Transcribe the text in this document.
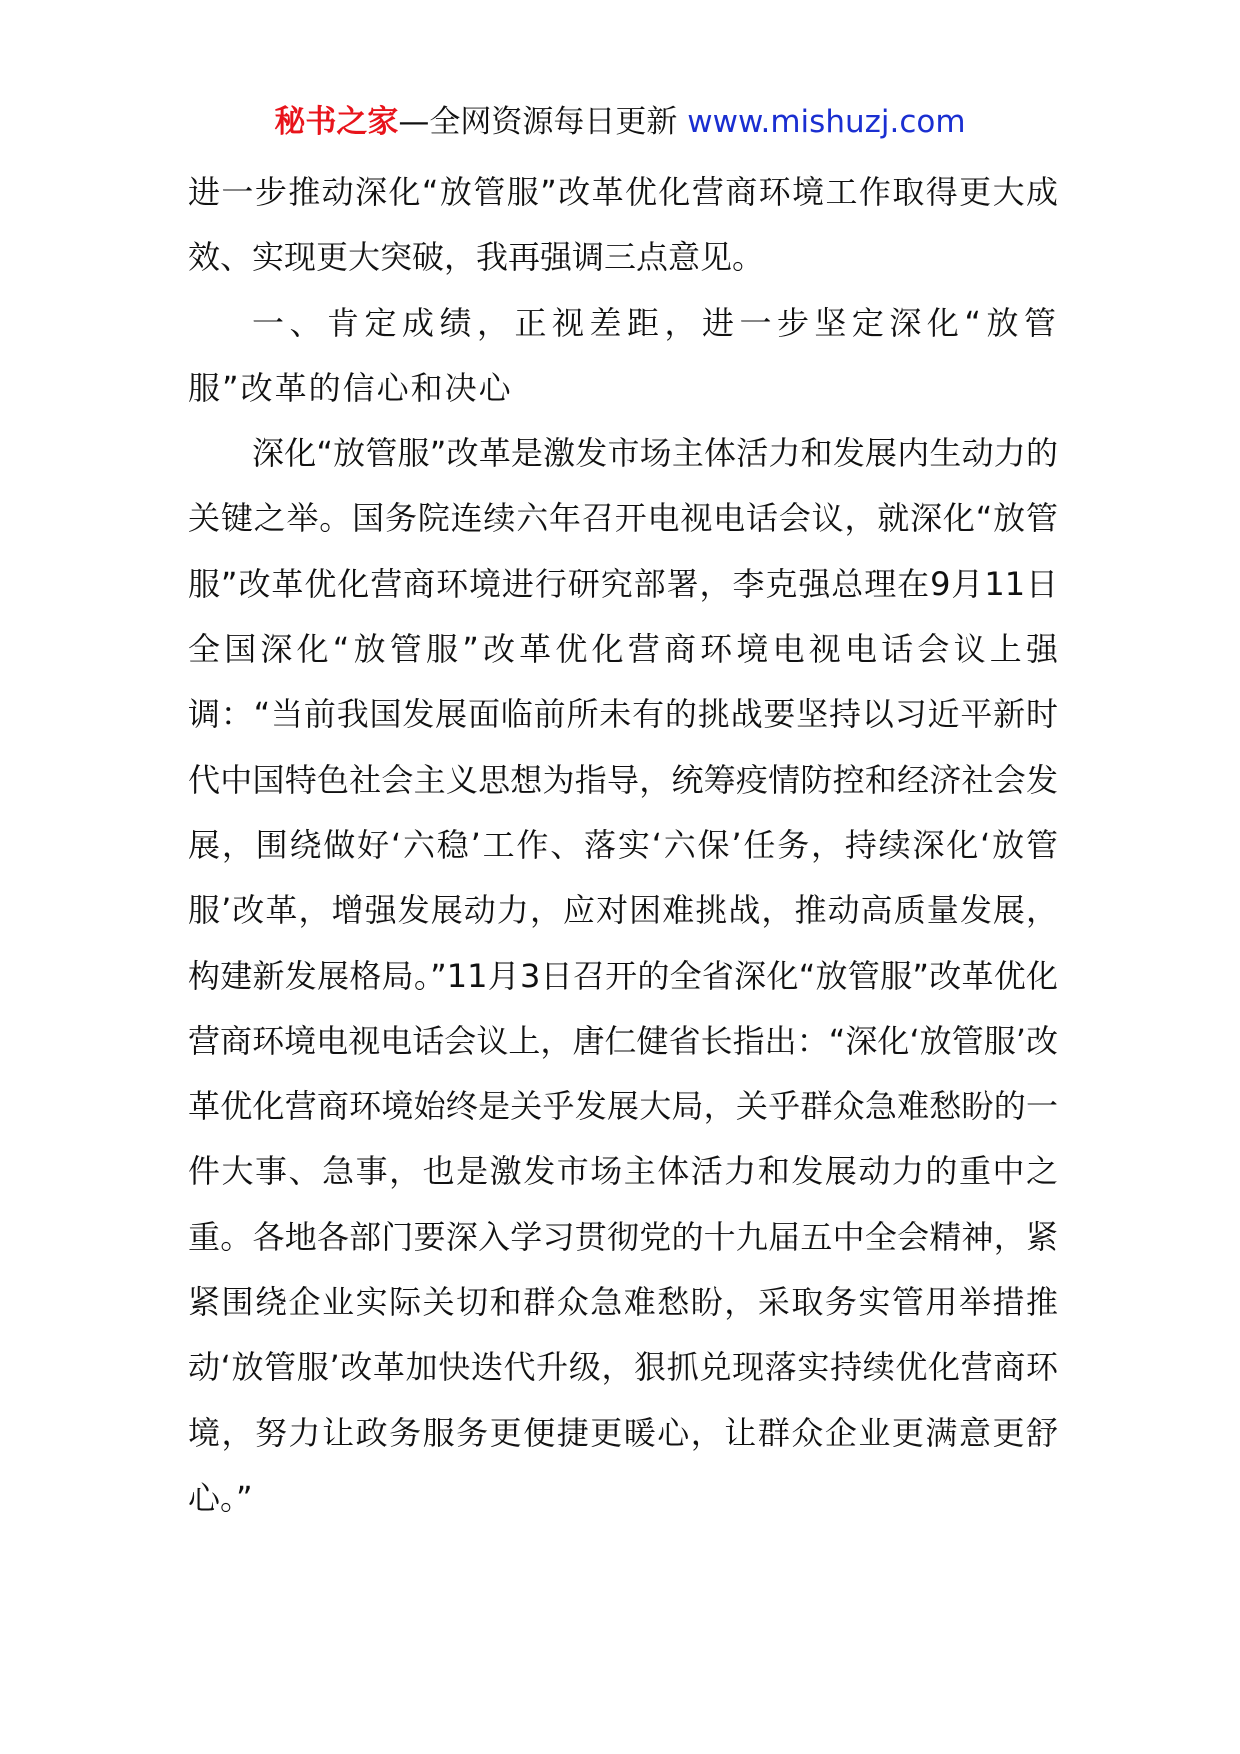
秘书之家—全网资源每日更新 www.mishuzj.com

进一步推动深化“放管服”改革优化营商环境工作取得更大成效、实现更大突破，我再强调三点意见。

一、肯定成绩，正视差距，进一步坚定深化“放管服”改革的信心和决心

深化“放管服”改革是激发市场主体活力和发展内生动力的关键之举。国务院连续六年召开电视电话会议，就深化“放管服”改革优化营商环境进行研究部署，李克强总理在9月11日全国深化“放管服”改革优化营商环境电视电话会议上强调：“当前我国发展面临前所未有的挑战要坚持以习近平新时代中国特色社会主义思想为指导，统筹疫情防控和经济社会发展，围绕做好‘六稳’工作、落实‘六保’任务，持续深化‘放管服’改革，增强发展动力，应对困难挑战，推动高质量发展，构建新发展格局。”11月3日召开的全省深化“放管服”改革优化营商环境电视电话会议上，唐仁健省长指出：“深化‘放管服’改革优化营商环境始终是关乎发展大局，关乎群众急难愁盼的一件大事、急事，也是激发市场主体活力和发展动力的重中之重。各地各部门要深入学习贯彻党的十九届五中全会精神，紧紧围绕企业实际关切和群众急难愁盼，采取务实管用举措推动‘放管服’改革加快迭代升级，狠抓兑现落实持续优化营商环境，努力让政务服务更便捷更暖心，让群众企业更满意更舒心。”
